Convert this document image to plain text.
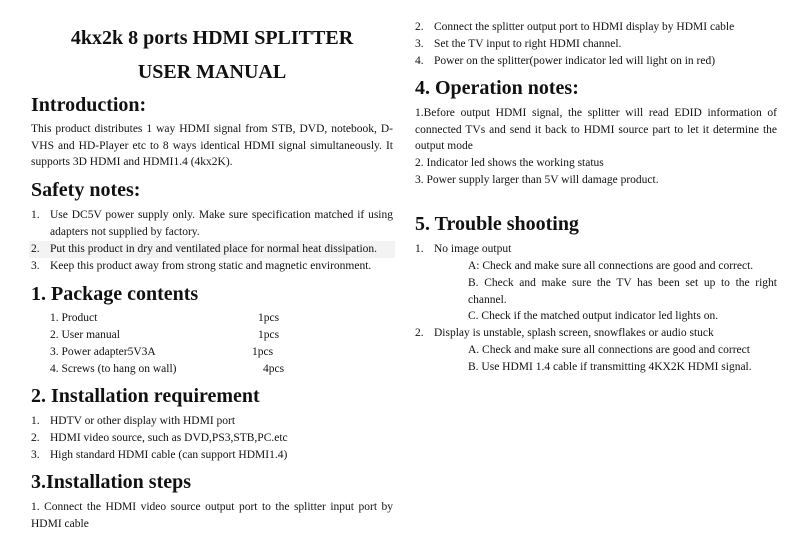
4kx2k 8 ports HDMI SPLITTER
USER MANUAL
Introduction:
This product distributes 1 way HDMI signal from STB, DVD, notebook, D-VHS and HD-Player etc to 8 ways identical HDMI signal simultaneously. It supports 3D HDMI and HDMI1.4 (4kx2K).
Safety notes:
1. Use DC5V power supply only. Make sure specification matched if using adapters not supplied by factory.
2. Put this product in dry and ventilated place for normal heat dissipation.
3. Keep this product away from strong static and magnetic environment.
1. Package contents
1. Product	1pcs
2. User manual	1pcs
3. Power adapter5V3A	1pcs
4. Screws (to hang on wall)	4pcs
2. Installation requirement
1. HDTV or other display with HDMI port
2. HDMI video source, such as DVD,PS3,STB,PC.etc
3. High standard HDMI cable (can support HDMI1.4)
3.Installation steps
1. Connect the HDMI video source output port to the splitter input port by HDMI cable
2. Connect the splitter output port to HDMI display by HDMI cable
3. Set the TV input to right HDMI channel.
4. Power on the splitter(power indicator led will light on in red)
4. Operation notes:
1.Before output HDMI signal, the splitter will read EDID information of connected TVs and send it back to HDMI source part to let it determine the output mode
2. Indicator led shows the working status
3. Power supply larger than 5V will damage product.
5. Trouble shooting
1. No image output
A: Check and make sure all connections are good and correct.
B. Check and make sure the TV has been set up to the right channel.
C. Check if the matched output indicator led lights on.
2. Display is unstable, splash screen, snowflakes or audio stuck
A. Check and make sure all connections are good and correct
B. Use HDMI 1.4 cable if transmitting 4KX2K HDMI signal.
